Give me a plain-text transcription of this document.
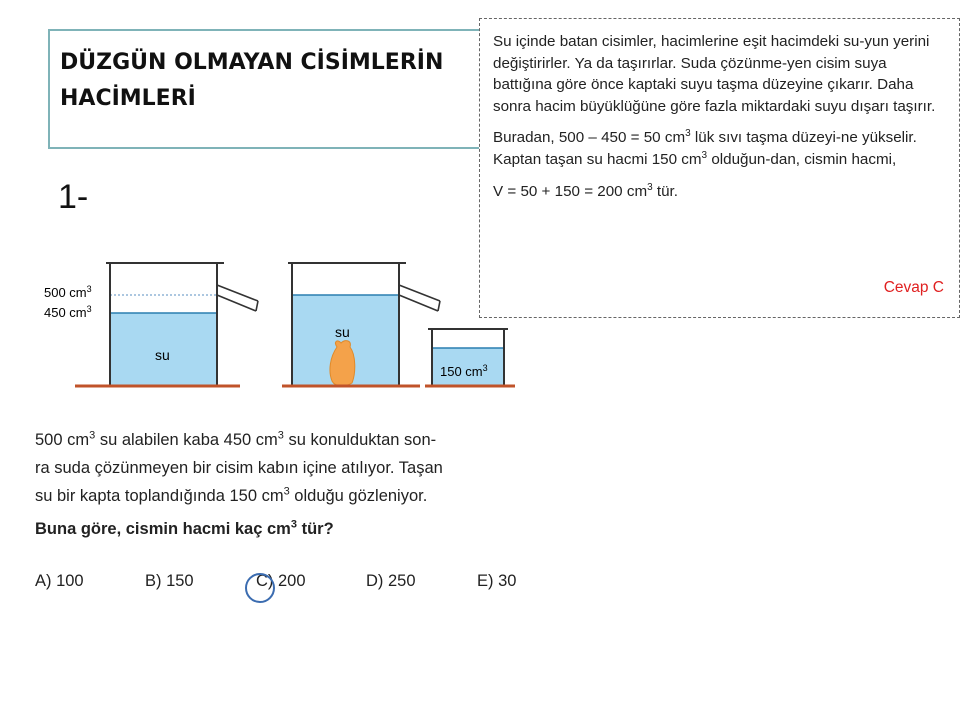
DÜZGÜN OLMAYAN CİSİMLERİN
HACİMLERİ
1-
500 $cm^3$
450 $cm^3$
su
su
150 $cm^3$
500 $cm^3$ su alabilen kaba 450 $cm^3$ su konulduktan son-
ra suda çözünmeyen bir cisim kabın içine atılıyor. Taşan
su bir kapta toplandığında 150 $cm^3$ olduğu gözleniyor.
Buna göre, cismin hacmi kaç $cm^3$ tür?
A) 100	B) 150	C) 200	D) 250	E) 30

Su içinde batan cisimler, hacimlerine eşit hacimdeki su-yun yerini değiştirirler. Ya da taşırırlar. Sudа çözünme-yen cisim suya battığına göre önce kaptaki suyu taşma düzeyine çıkarır. Daha sonra hacim büyüklüğüne göre fazla miktardaki suyu dışarı taşırır.

Buradan, 500 – 450 = 50 $cm^3$ lük sıvı taşma düzeyi-ne yükselir. Kaptan taşan su hacmi 150 $cm^3$ olduğun-dan, cismin hacmi,

V = 50 + 150 = 200 $cm^3$ tür.

Cevap C
